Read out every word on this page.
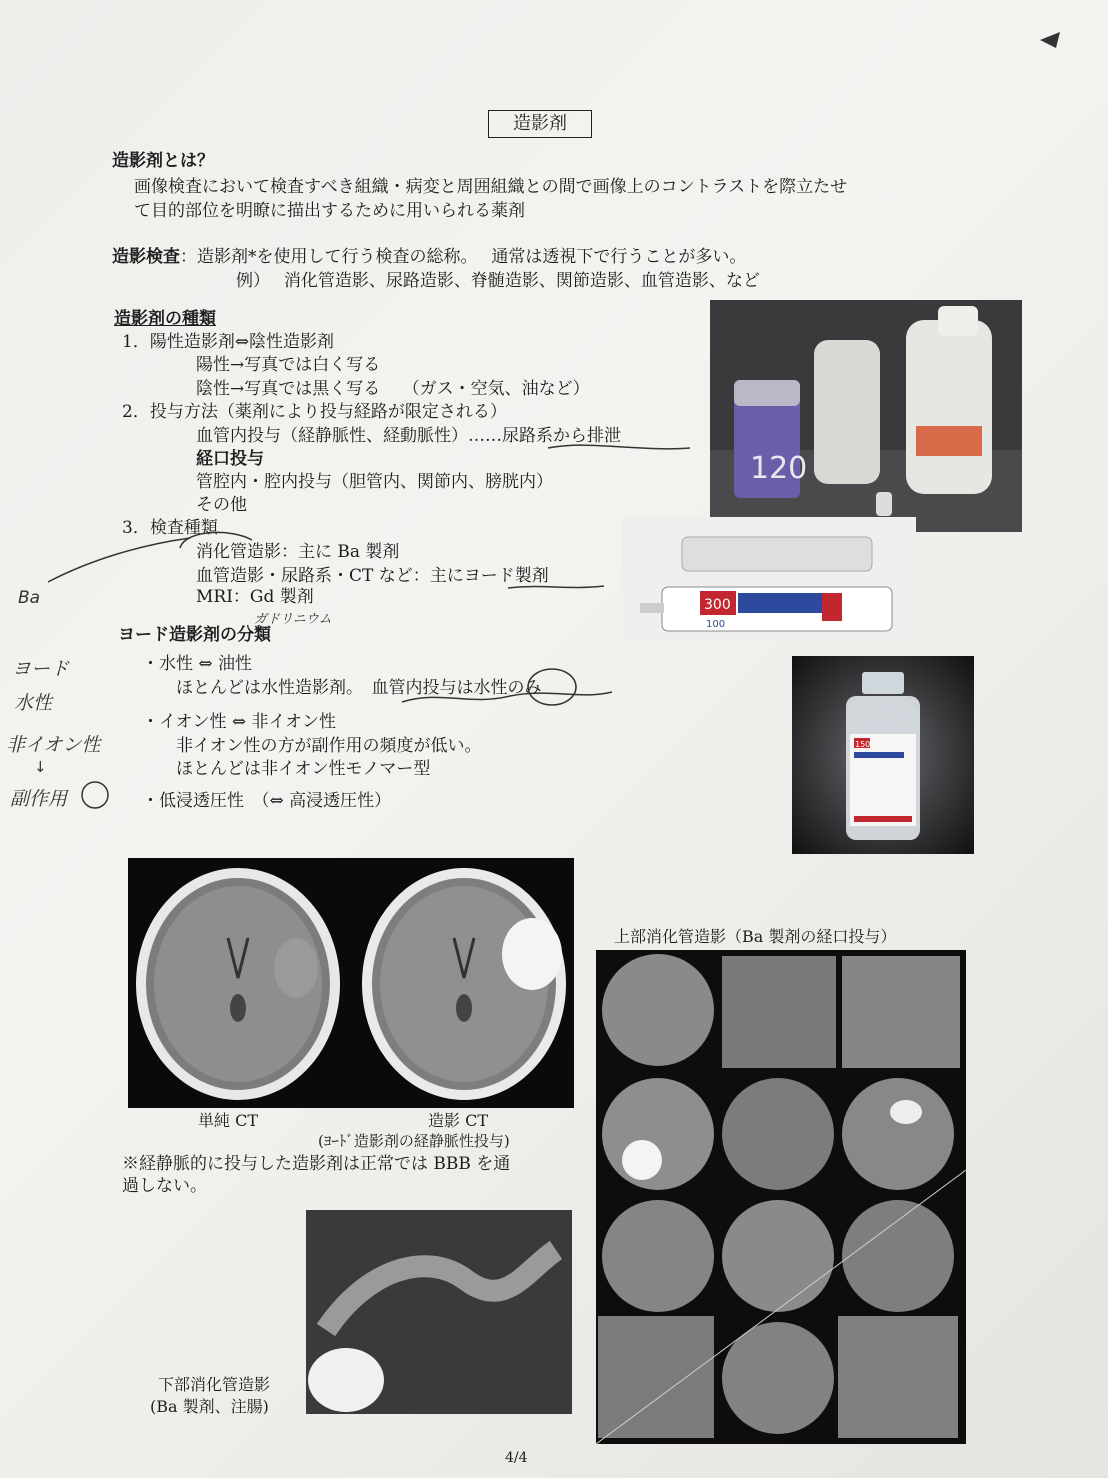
造影剤
造影剤とは？
画像検査において検査すべき組織・病変と周囲組織との間で画像上のコントラストを際立たせ
て目的部位を明瞭に描出するために用いられる薬剤
造影検査：造影剤*を使用して行う検査の総称。　 通常は透視下で行うことが多い。
例）　 消化管造影、尿路造影、脊髄造影、関節造影、血管造影、など
造影剤の種類
1．陽性造影剤⇔陰性造影剤
陽性→写真では白く写る
陰性→写真では黒く写る　 （ガス・空気、油など）
2．投与方法（薬剤により投与経路が限定される）
血管内投与（経静脈性、経動脈性）……尿路系から排泄
経口投与
管腔内・腔内投与（胆管内、関節内、膀胱内）
その他
3．検査種類
消化管造影：主に Ba 製剤
血管造影・尿路系・CT など：主にヨード製剤
MRI：Gd 製剤
ヨード造影剤の分類
・水性 ⇔ 油性
ほとんどは水性造影剤。　血管内投与は水性のみ
・イオン性 ⇔ 非イオン性
非イオン性の方が副作用の頻度が低い。
ほとんどは非イオン性モノマー型
・低浸透圧性　（⇔ 高浸透圧性）
Ba
ガドリニウム
ヨード
水性
非イオン性
↓
副作用
120
300
100
150
単純 CT	造影 CT
(ﾖｰﾄﾞ造影剤の経静脈性投与)
※経静脈的に投与した造影剤は正常では BBB を通
過しない。
上部消化管造影（Ba 製剤の経口投与）
下部消化管造影
(Ba 製剤、注腸)
4/4
